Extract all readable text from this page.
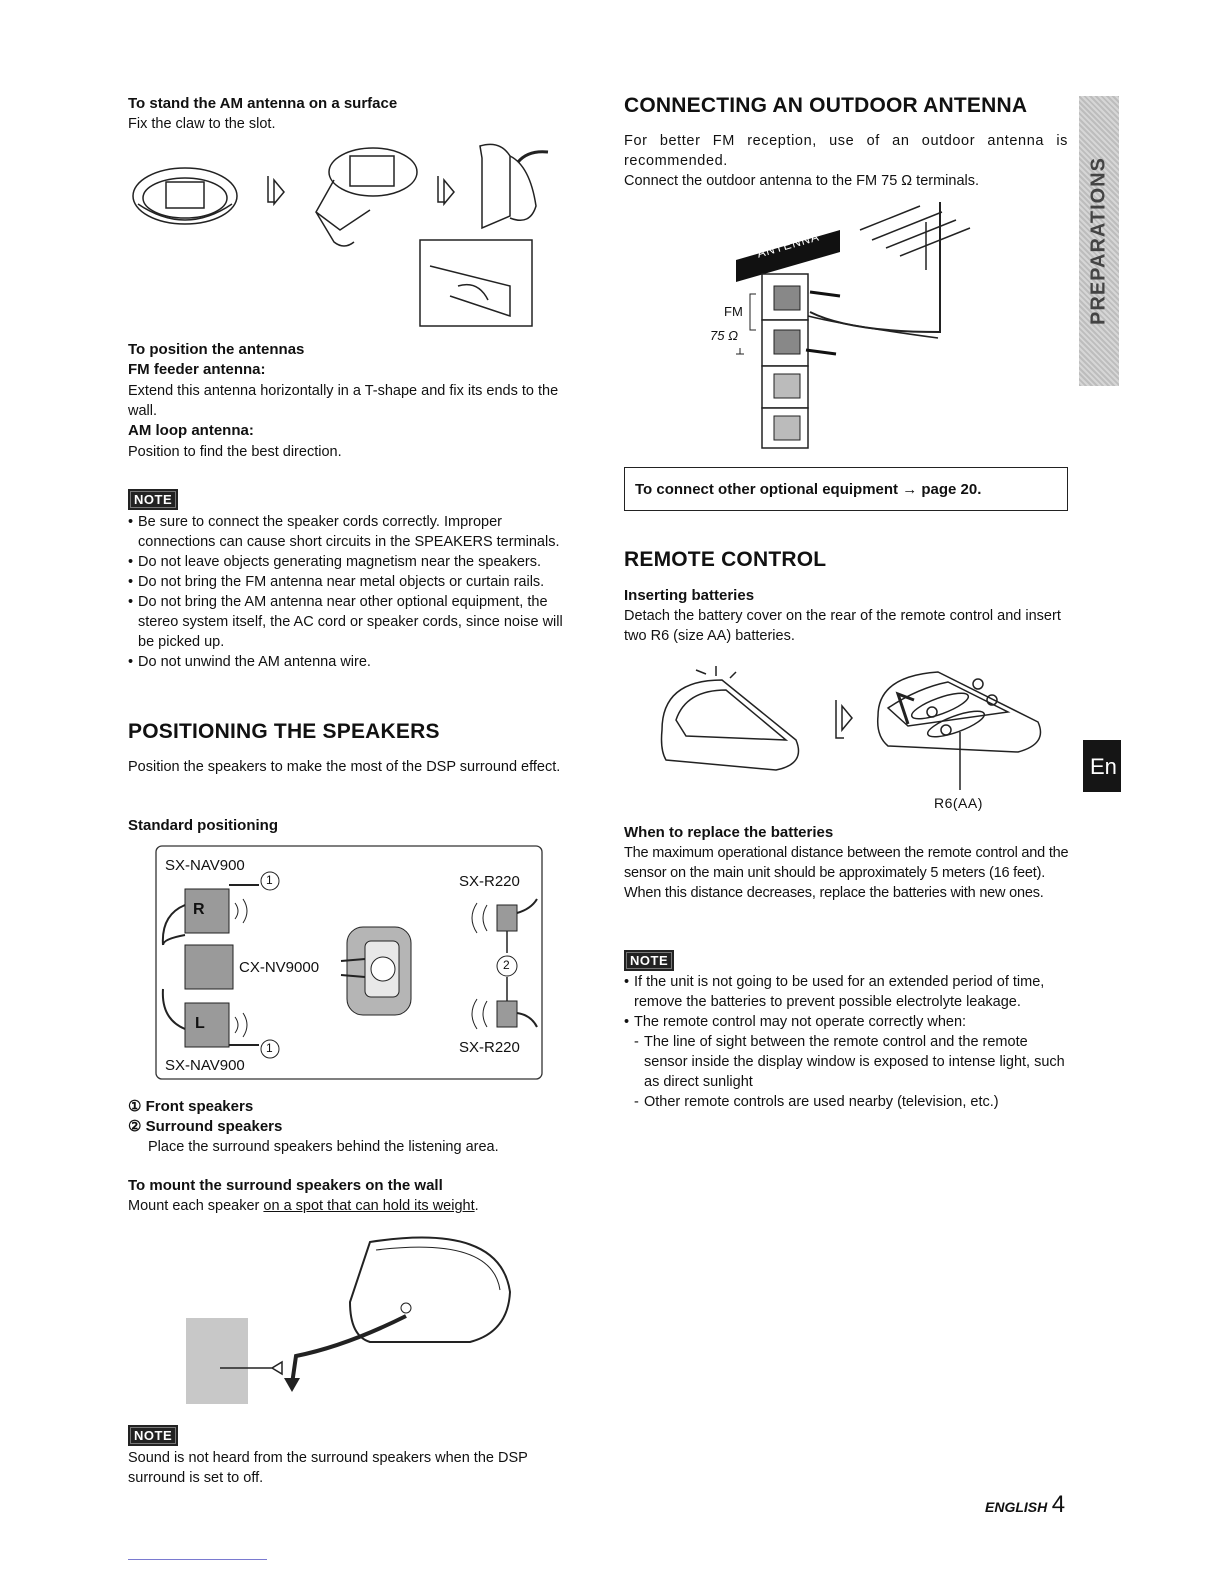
To stand the AM antenna on a surface
Fix the claw to the slot.
To position the antennas
FM feeder antenna:
Extend this antenna horizontally in a T-shape and fix its ends to the wall.
AM loop antenna:
Position to find the best direction.
NOTE
• Be sure to connect the speaker cords correctly. Improper connections can cause short circuits in the SPEAKERS terminals.
• Do not leave objects generating magnetism near the speakers.
• Do not bring the FM antenna near metal objects or curtain rails.
• Do not bring the AM antenna near other optional equipment, the stereo system itself, the AC cord or speaker cords, since noise will be picked up.
• Do not unwind the AM antenna wire.
POSITIONING THE SPEAKERS
Position the speakers to make the most of the DSP surround effect.
Standard positioning
SX-NAV900
SX-NAV900
CX-NV9000
SX-R220
SX-R220
R
L
1
1
2
① Front speakers
② Surround speakers
Place the surround speakers behind the listening area.
To mount the surround speakers on the wall
Mount each speaker on a spot that can hold its weight.
NOTE
Sound is not heard from the surround speakers when the DSP surround is set to off.
CONNECTING AN OUTDOOR ANTENNA
For better FM reception, use of an outdoor antenna is recommended.
Connect the outdoor antenna to the FM 75 Ω terminals.
ANTENNA
FM
75 Ω
To connect other optional equipment → page 20.
REMOTE CONTROL
Inserting batteries
Detach the battery cover on the rear of the remote control and insert two R6 (size AA) batteries.
R6(AA)
When to replace the batteries
The maximum operational distance between the remote control and the sensor on the main unit should be approximately 5 meters (16 feet). When this distance decreases, replace the batteries with new ones.
NOTE
• If the unit is not going to be used for an extended period of time, remove the batteries to prevent possible electrolyte leakage.
• The remote control may not operate correctly when:
- The line of sight between the remote control and the remote sensor inside the display window is exposed to intense light, such as direct sunlight
- Other remote controls are used nearby (television, etc.)
PREPARATIONS
En
ENGLISH 4
